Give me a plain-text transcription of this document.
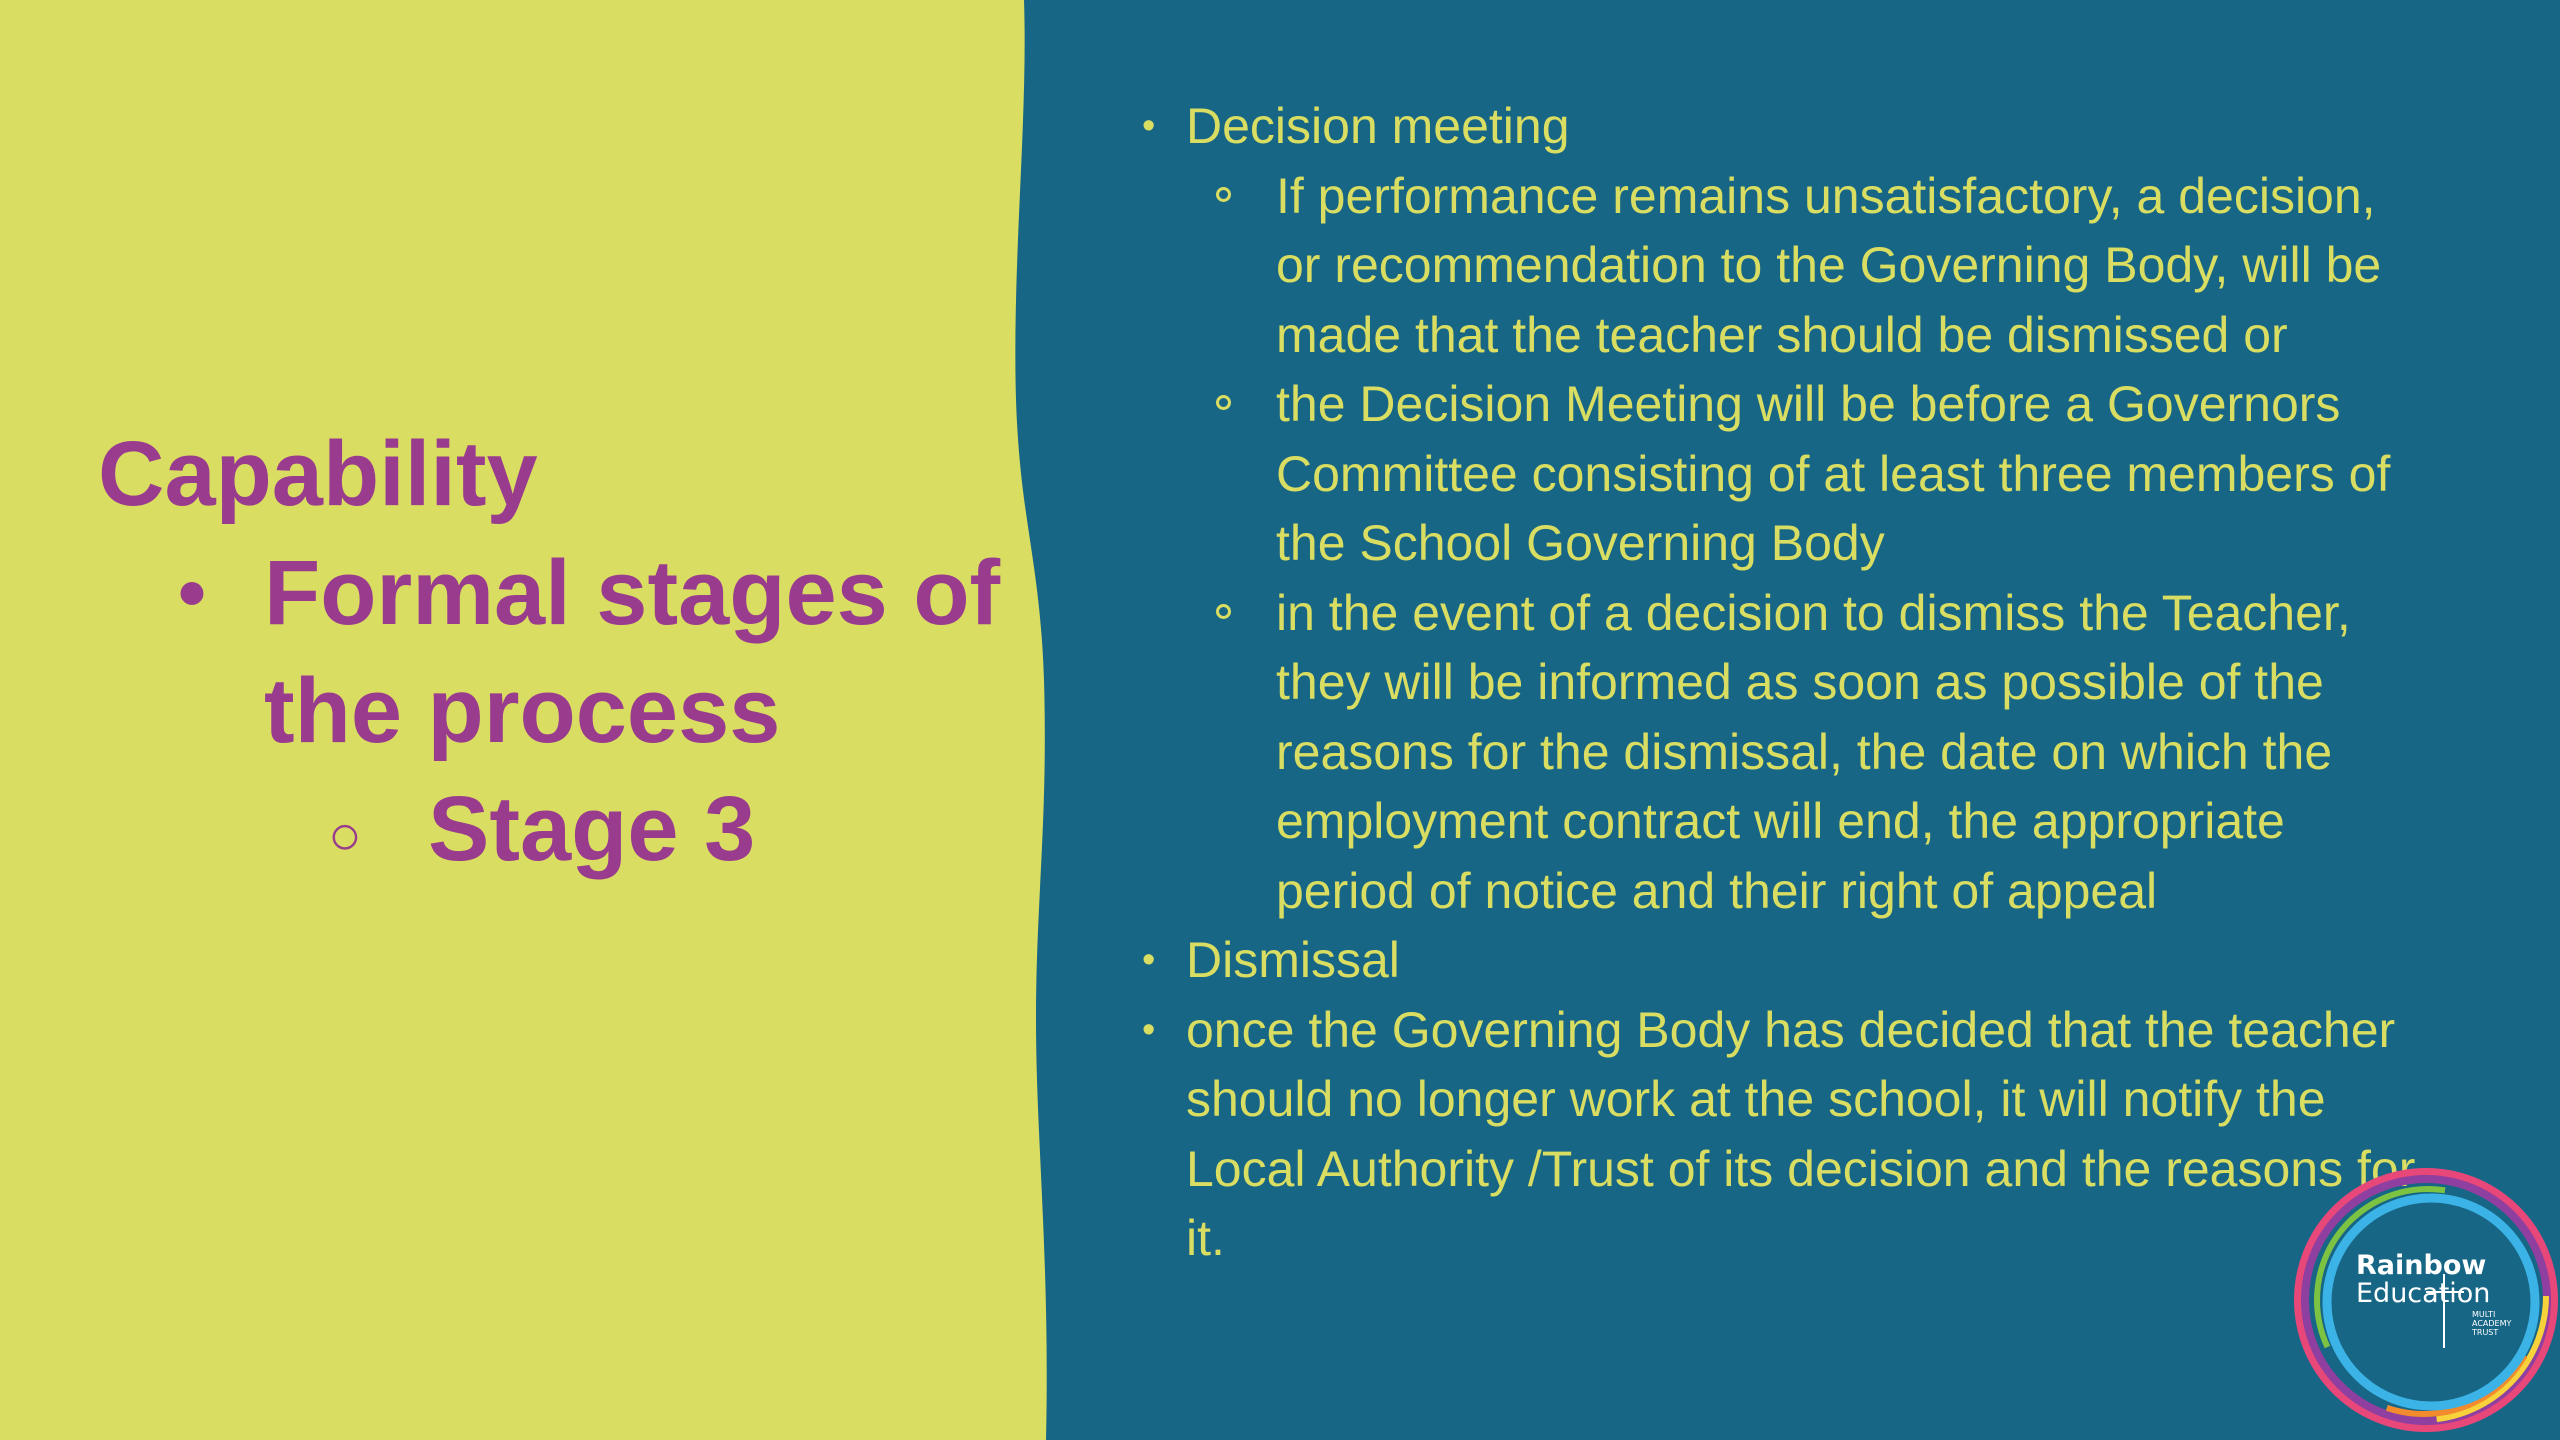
Capability
• Formal stages of the process
○ Stage 3
• Decision meeting
If performance remains unsatisfactory, a decision, or recommendation to the Governing Body, will be made that the teacher should be dismissed or
the Decision Meeting will be before a Governors Committee consisting of at least three members of the School Governing Body
in the event of a decision to dismiss the Teacher, they will be informed as soon as possible of the reasons for the dismissal, the date on which the employment contract will end, the appropriate period of notice and their right of appeal
• Dismissal
• once the Governing Body has decided that the teacher should no longer work at the school, it will notify the Local Authority /Trust of its decision and the reasons for it.	Rainbow
Education
MULTI ACADEMY TRUST
